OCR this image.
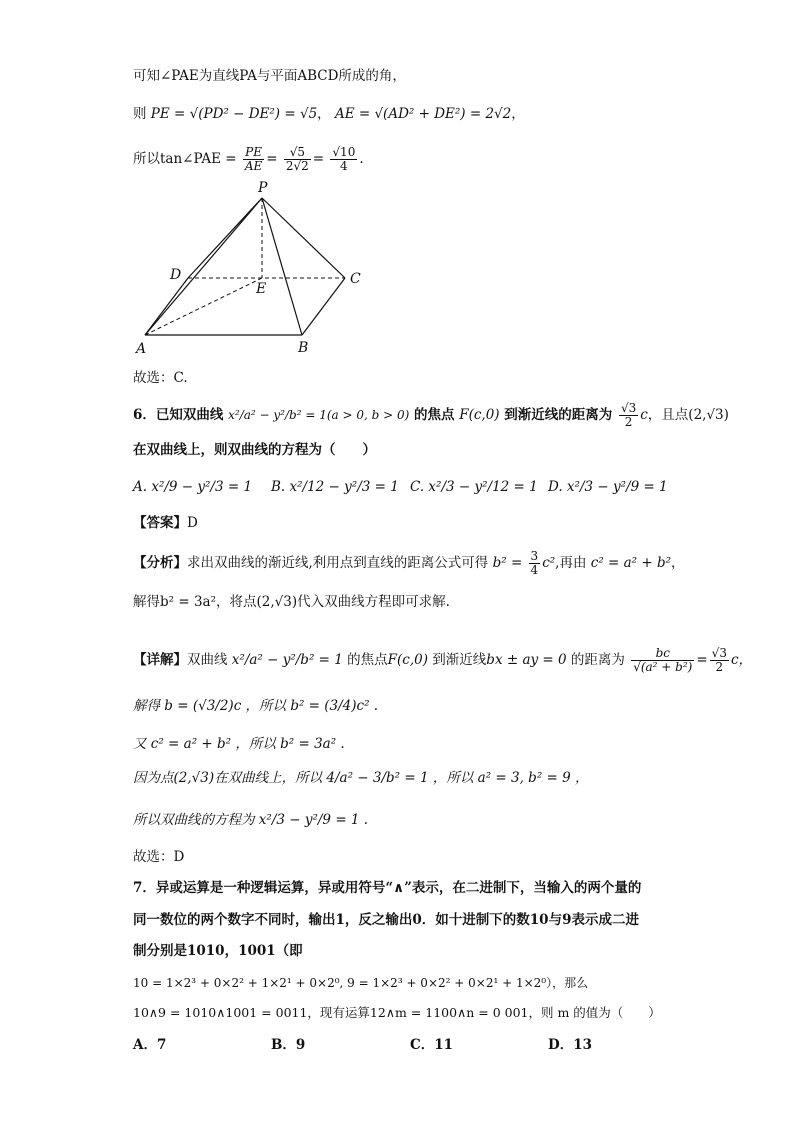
可知∠PAE为直线PA与平面ABCD所成的角，
则 PE = √(PD² − DE²) = √5， AE = √(AD² + DE²) = 2√2，
所以tan∠PAE = $\frac{PE}{AE} = \frac{√5}{2√2} = \frac{√10}{4}$ .
P
D
E
C
A	B
故选：C.
6．已知双曲线 x²/a² − y²/b² = 1(a > 0, b > 0) 的焦点 F(c,0) 到渐近线的距离为 $\frac{√3}{2}$ c，且点(2,√3)
在双曲线上，则双曲线的方程为（　　）
A. x²/9 − y²/3 = 1 B. x²/12 − y²/3 = 1 C. x²/3 − y²/12 = 1 D. x²/3 − y²/9 = 1
【答案】D
【分析】求出双曲线的渐近线,利用点到直线的距离公式可得 $b^2 = \frac{3}{4} c^2$,再由 c² = a² + b²，
解得b² = 3a²，将点(2,√3)代入双曲线方程即可求解.
【详解】双曲线 x²/a² − y²/b² = 1 的焦点F(c,0) 到渐近线bx ± ay = 0 的距离为 $\frac{bc}{\text{√(a² + b²)}} = \frac{√3}{2}$ c，
解得 b = (√3/2)c ，所以 b² = (3/4)c² .
又 c² = a² + b² ，所以 b² = 3a² .
因为点(2,√3)在双曲线上，所以 4/a² − 3/b² = 1 ，所以 a² = 3, b² = 9 ，
所以双曲线的方程为 x²/3 − y²/9 = 1 .
故选：D
7．异或运算是一种逻辑运算，异或用符号“∧”表示，在二进制下，当输入的两个量的
同一数位的两个数字不同时，输出1，反之输出0．如十进制下的数10与9表示成二进
制分别是1010，1001（即
10 = 1×2³ + 0×2² + 1×2¹ + 0×2⁰, 9 = 1×2³ + 0×2² + 0×2¹ + 1×2⁰），那么
10∧9 = 1010∧1001 = 0011，现有运算12∧m = 1100∧n = 0 001，则 m 的值为（　　）
A．7	B．9	C．11	D．13
